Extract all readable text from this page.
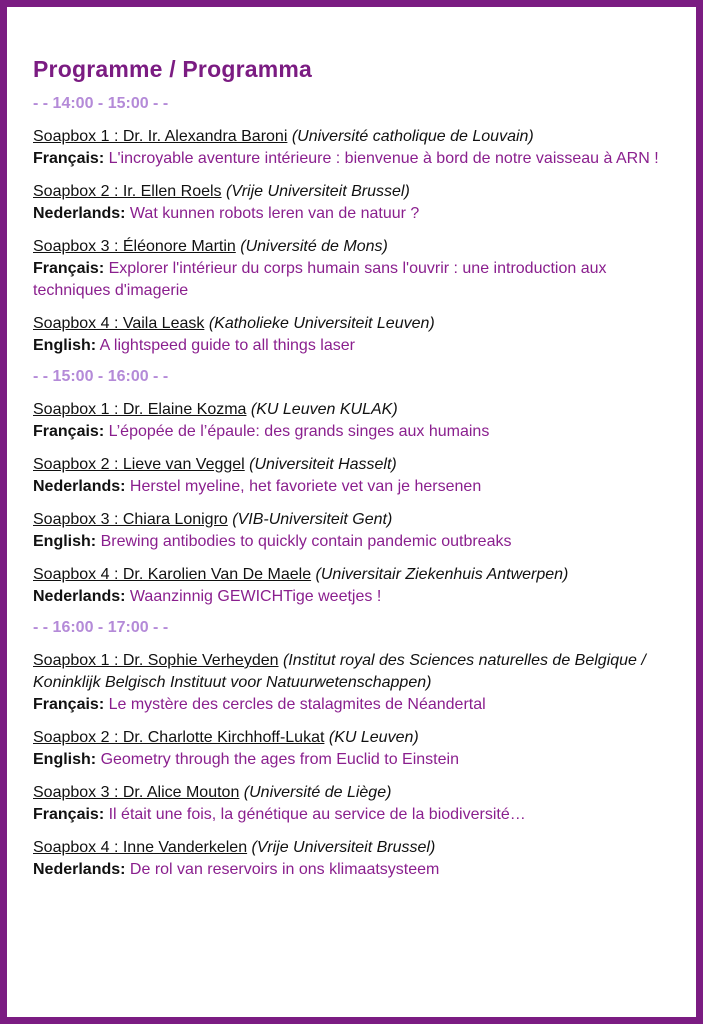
Programme / Programma
- - 14:00 - 15:00 - -
Soapbox 1 : Dr. Ir. Alexandra Baroni (Université catholique de Louvain)
Français: L'incroyable aventure intérieure : bienvenue à bord de notre vaisseau à ARN !
Soapbox 2 : Ir. Ellen Roels (Vrije Universiteit Brussel)
Nederlands: Wat kunnen robots leren van de natuur ?
Soapbox 3 : Éléonore Martin (Université de Mons)
Français: Explorer l'intérieur du corps humain sans l'ouvrir : une introduction aux techniques d'imagerie
Soapbox 4 : Vaila Leask (Katholieke Universiteit Leuven)
English: A lightspeed guide to all things laser
- - 15:00 - 16:00 - -
Soapbox 1 : Dr. Elaine Kozma (KU Leuven KULAK)
Français: L’épopée de l’épaule: des grands singes aux humains
Soapbox 2 : Lieve van Veggel (Universiteit Hasselt)
Nederlands: Herstel myeline, het favoriete vet van je hersenen
Soapbox 3 : Chiara Lonigro (VIB-Universiteit Gent)
English: Brewing antibodies to quickly contain pandemic outbreaks
Soapbox 4 : Dr. Karolien Van De Maele (Universitair Ziekenhuis Antwerpen)
Nederlands: Waanzinnig GEWICHTige weetjes !
- - 16:00 - 17:00 - -
Soapbox 1 : Dr. Sophie Verheyden (Institut royal des Sciences naturelles de Belgique / Koninklijk Belgisch Instituut voor Natuurwetenschappen)
Français: Le mystère des cercles de stalagmites de Néandertal
Soapbox 2 : Dr. Charlotte Kirchhoff-Lukat (KU Leuven)
English: Geometry through the ages from Euclid to Einstein
Soapbox 3 : Dr. Alice Mouton (Université de Liège)
Français: Il était une fois, la génétique au service de la biodiversité…
Soapbox 4 : Inne Vanderkelen (Vrije Universiteit Brussel)
Nederlands: De rol van reservoirs in ons klimaatsysteem
